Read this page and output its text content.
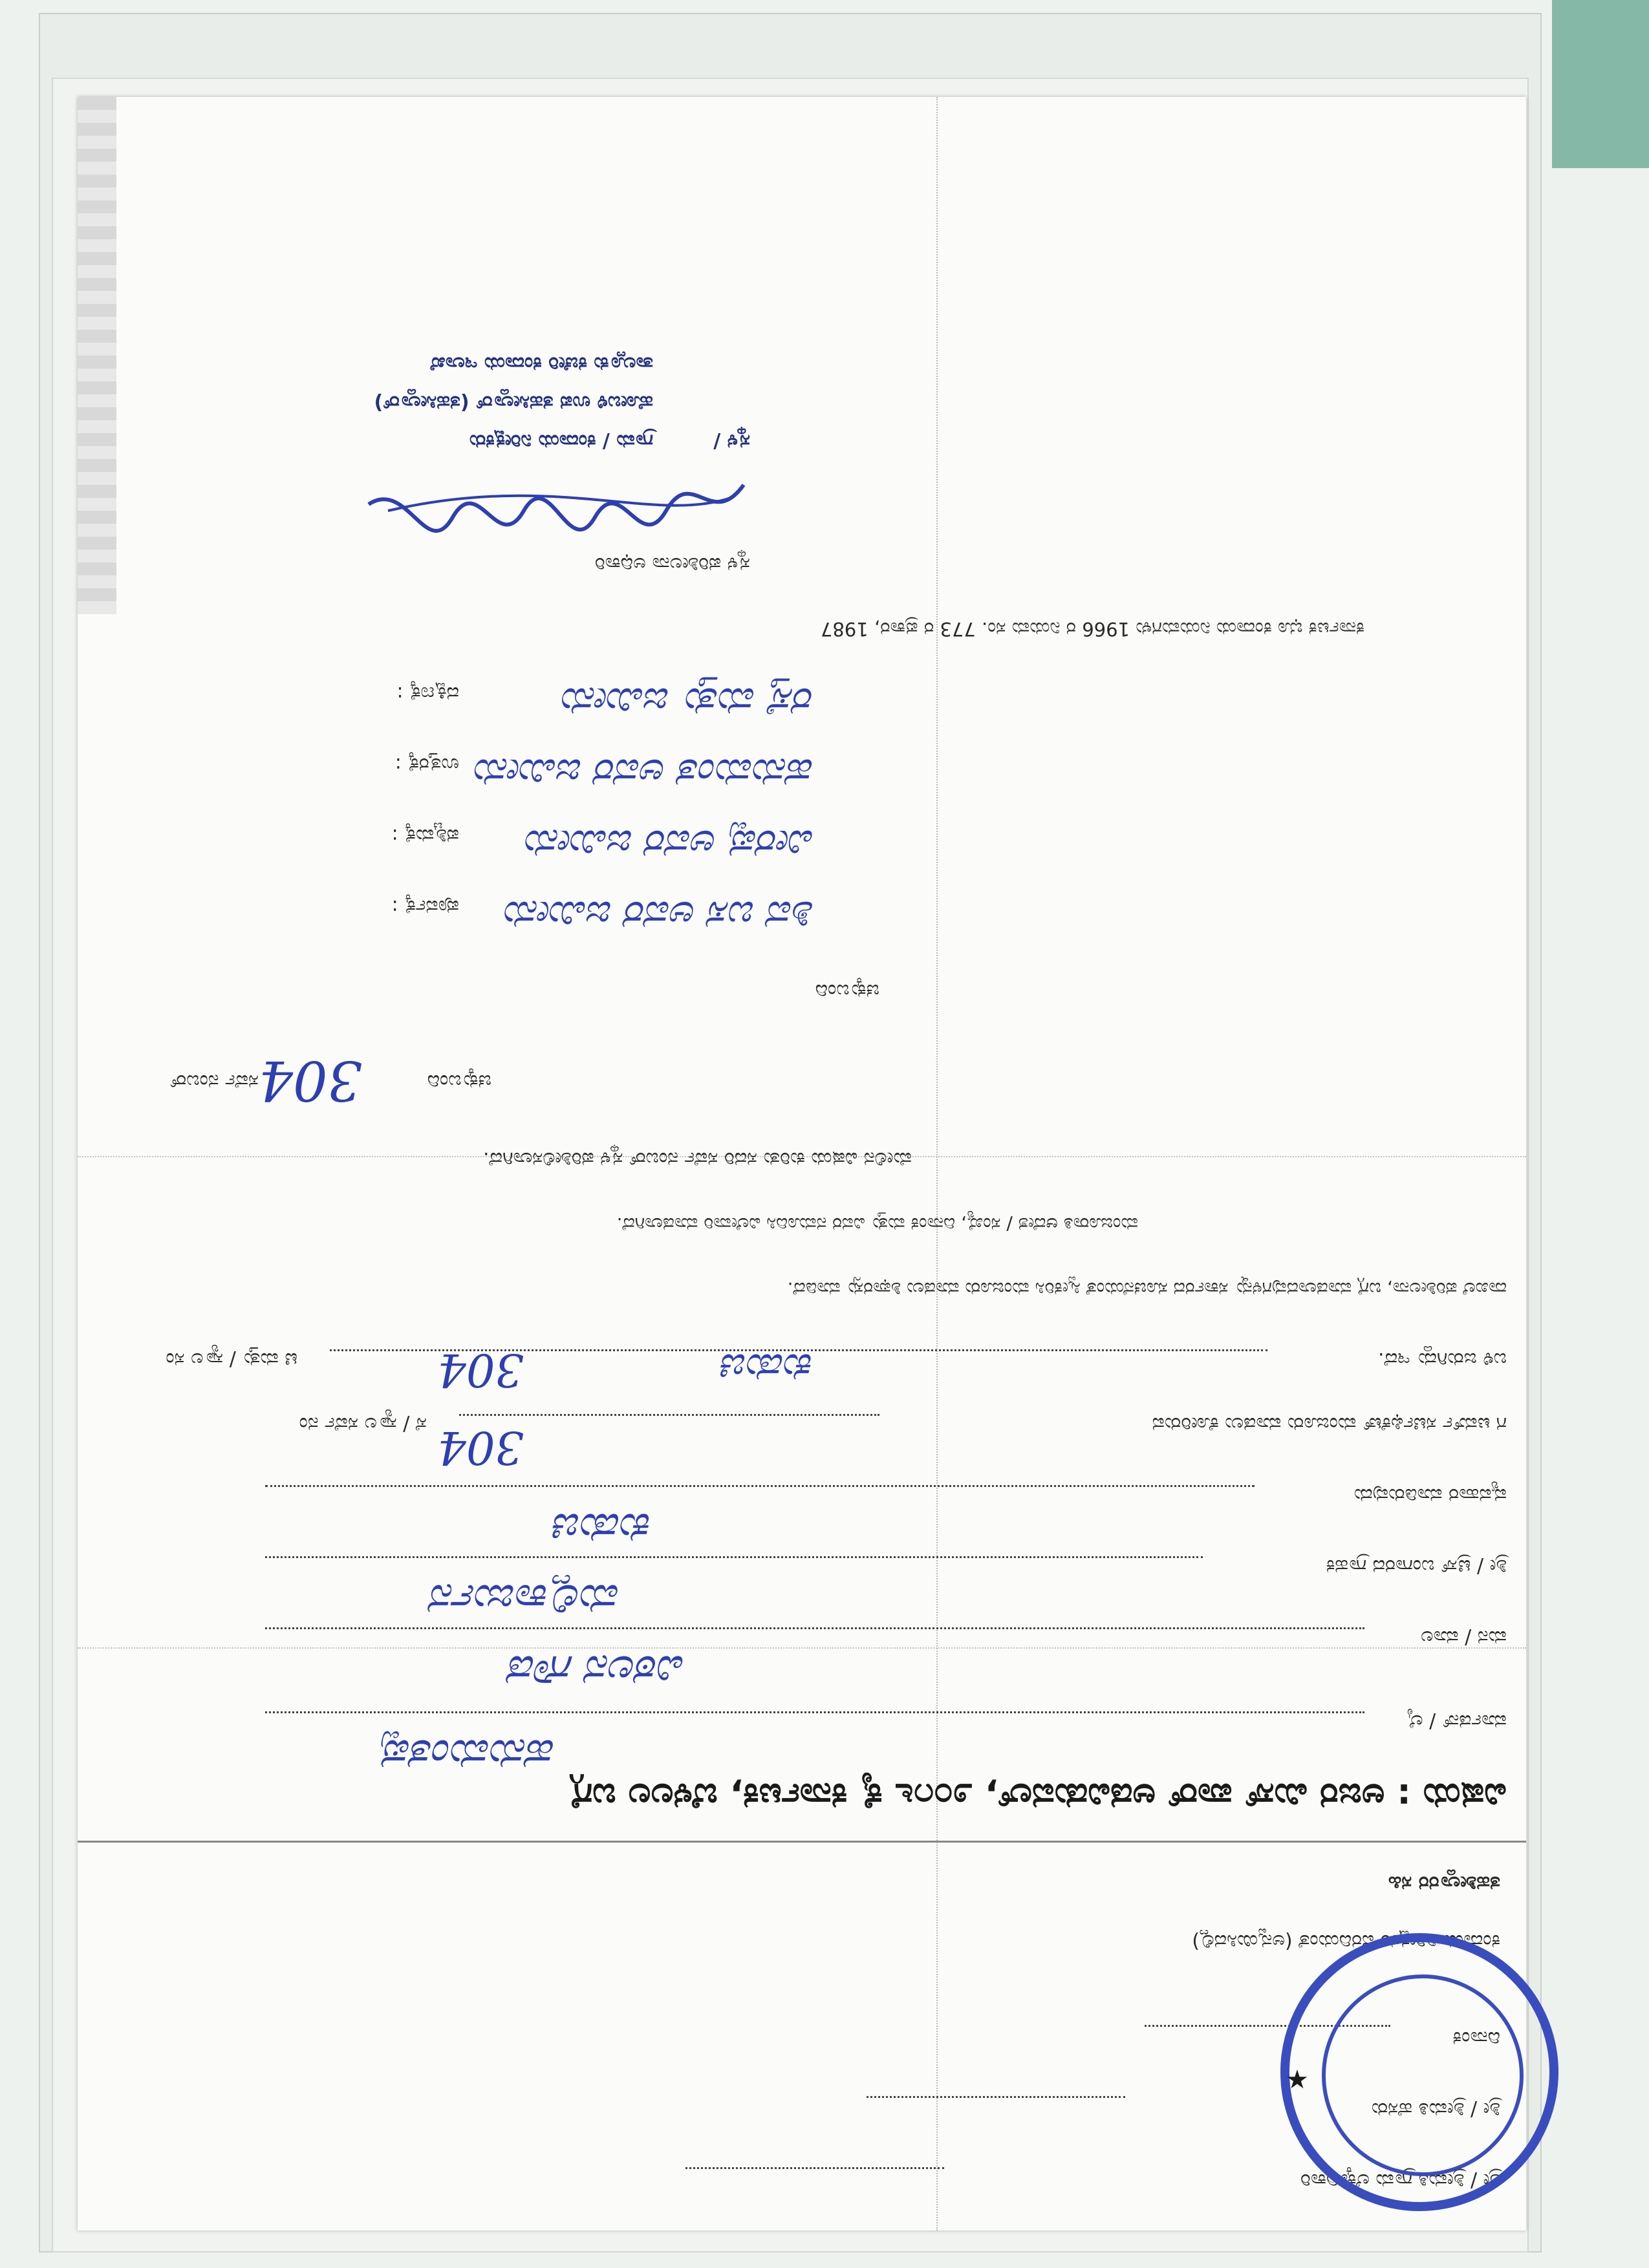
ಶ್ರೀ / ಶ್ರೀಮತಿ ಗ್ರಾಮ ಲೆಕ್ಕಾಧಿಕಾರಿ
ಶ್ರೀ / ಶ್ರೀಮತಿ ಹೆಸರು
ದಿನಾಂಕ
ಕಂದಾಯ ನಿರೀಕ್ಷಕರ ವರದಿಯಂತೆ (ಅನ್ವಯಿಸಿದಲ್ಲಿ)
ತಹಶೀಲ್ದಾರರ ಸಹಿ
ವಿಷಯ : ಅಜರ ಮಿಸ್ ಪಾರ್ ಅಡವಿಡುವಲ್, ೨೦೧೬ ಕೈ ಕರ್ನಾಟಕ, ಬೆಳಲಲ ಬಗ್ಗೆ
ರ್ಮಾಡನ್ / ಲೈ
ಮನ / ಮಾಲ
ಶ್ರೀ / ಟ್ರಿಸ್ ಬಂಗಾರದ ಗ್ರಾಹಕ
ವ್ಯವಹಾರ ಮಾಡಿರುವುದು
ಗ ಟರ್ಮ್ ಸರ್ಟಿಫಿಕೆಟ್ ಮಂಜೂರು ಮಾಡಲು ಕೋರಿರುವ
ಸೆ / ಸ್ಯಾಲ ಸರ್ವೆ ನಂ
ಬಳಿ ಜರುಗಿದ್ದು ಇದೆ.
ಟಿ ಮತ್ತು / ಸ್ಯಾಲ ಸಂ
ದಾಖಲೆ ಪರಿಶೀಲನಾ, ಬಗ್ಗೆ ಮಾಡಲಾದವುಗಳನ್ನು ಸರ್ಕಾರದ ಸೂಚನೆಯಂತೆ ಸ್ವೀಕರಿಸಿ ಮಂಜೂರು ಮಾಡಲು ಶಿಫಾರಸ್ಸು ಮಾಡಿದೆ.
ಮಂಜೂರಾತಿ ಆದೇಶ / ಸಂಖ್ಯೆ, ದಿನಾಂಕ ಮತ್ತು ವಿವರ ನಮೂದಿಸಿ ವಿಲೇವಾರಿ ಮಾಡಲಾಗಿದೆ.
ಮೇಲಿನ ವಿಷಯ ಕುರಿತು ಸದರಿ ಸರ್ವೆ ನಂಬರ್ ಸ್ಥಳ ಪರಿಶೀಲಿಸಲಾಗಿದೆ.
ಚಕ್ಕುಬಂದಿ
ಸರ್ವೆ ನಂಬರ್
ಚಕ್ಕುಬಂದಿ
ಪೂರ್ವಕ್ಕೆ :
ಪಶ್ಚಿಮಕ್ಕೆ :
ಉತ್ತರಕ್ಕೆ :
ದಕ್ಷಿಣಕ್ಕೆ :
ಕರ್ನಾಟಕ ಭೂ ಕಂದಾಯ ನಿಯಮಗಳು 1966 ರ ನಿಯಮ ಸಂ. 773 ರ ಪ್ರಕಾರ, 1987
ಸ್ಥಳ ಪರಿಶೀಲನಾ ಅಧಿಕಾರಿ
ಸ್ಥಳ /
ಗ್ರಾಮ / ಕಂದಾಯ ನಿರೀಕ್ಷಕರು
ಹೋಬಳಿ ಉಪ ತಹಸೀಲ್ದಾರ್ (ತಹಸೀಲ್ದಾರ್)
ತಾಲ್ಲೂಕು ಕಚೇರಿ ಕಂದಾಯ ಇಲಾಖೆ
ಹನುಮಂತಪ್ಪ
ವಿಠಲನ ಗೌಡ
ಮಲ್ಲಿಕಾರ್ಜುನ
ಕುಡುಚಿ
304
304	ಕುಡುಚಿ
304
ಶಿವ ಬಸ ಅವರ ಜಮೀನು
ವೀರಪ್ಪ ಅವರ ಜಮೀನು
ಹನುಮಂತ ಅವರ ಜಮೀನು
ರಸ್ತೆ ಮತ್ತು ಜಮೀನು
★
